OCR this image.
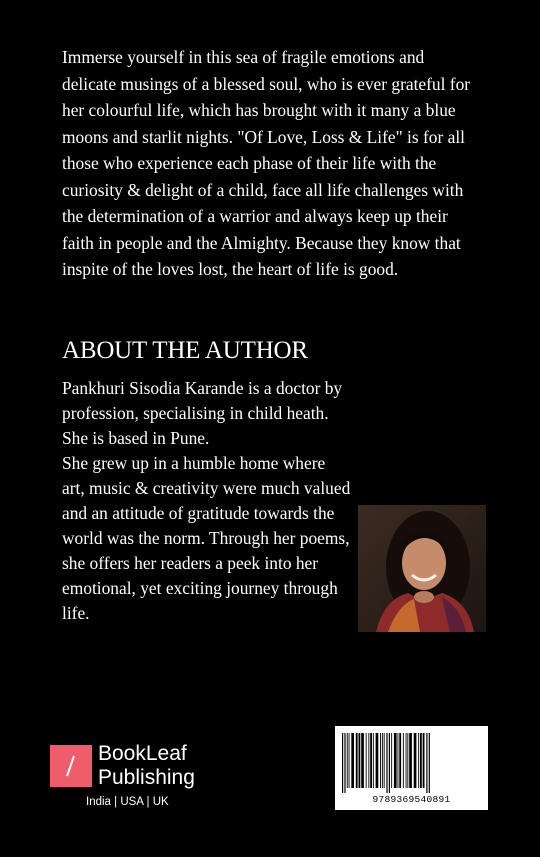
Immerse yourself in this sea of fragile emotions and delicate musings of a blessed soul, who is ever grateful for her colourful life, which has brought with it many a blue moons and starlit nights. "Of Love, Loss & Life" is for all those who experience each phase of their life with the curiosity & delight of a child, face all life challenges with the determination of a warrior and always keep up their faith in people and the Almighty. Because they know that inspite of the loves lost, the heart of life is good.

ABOUT THE AUTHOR

Pankhuri Sisodia Karande is a doctor by profession, specialising in child heath. She is based in Pune.

She grew up in a humble home where art, music & creativity were much valued and an attitude of gratitude towards the world was the norm. Through her poems, she offers her readers a peek into her emotional, yet exciting journey through life.

BookLeaf
Publishing
India | USA | UK	9789369540891
